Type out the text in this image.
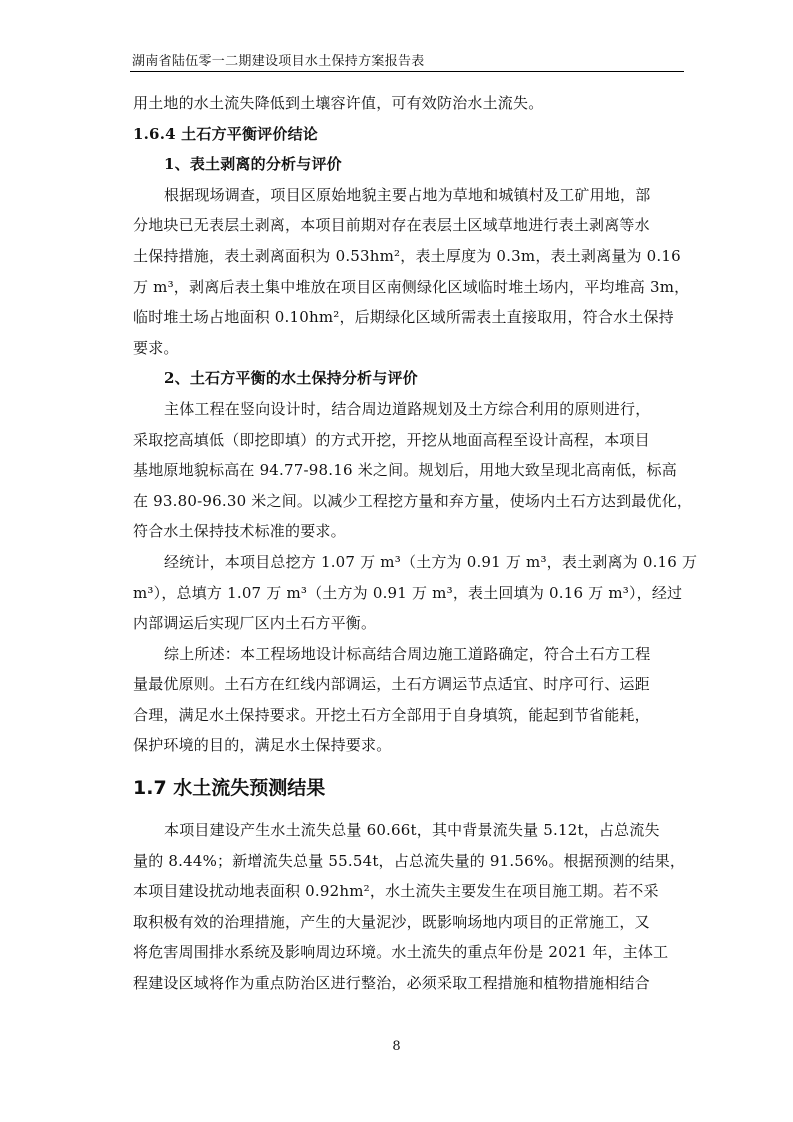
湖南省陆伍零一二期建设项目水土保持方案报告表
用土地的水土流失降低到土壤容许值，可有效防治水土流失。
1.6.4 土石方平衡评价结论
1、表土剥离的分析与评价
根据现场调查，项目区原始地貌主要占地为草地和城镇村及工矿用地，部
分地块已无表层土剥离，本项目前期对存在表层土区域草地进行表土剥离等水
土保持措施，表土剥离面积为 0.53hm²，表土厚度为 0.3m，表土剥离量为 0.16
万 m³，剥离后表土集中堆放在项目区南侧绿化区域临时堆土场内，平均堆高 3m，
临时堆土场占地面积 0.10hm²，后期绿化区域所需表土直接取用，符合水土保持
要求。
2、土石方平衡的水土保持分析与评价
主体工程在竖向设计时，结合周边道路规划及土方综合利用的原则进行，
采取挖高填低（即挖即填）的方式开挖，开挖从地面高程至设计高程，本项目
基地原地貌标高在 94.77-98.16 米之间。规划后，用地大致呈现北高南低，标高
在 93.80-96.30 米之间。以减少工程挖方量和弃方量，使场内土石方达到最优化，
符合水土保持技术标准的要求。
经统计，本项目总挖方 1.07 万 m³（土方为 0.91 万 m³，表土剥离为 0.16 万
m³），总填方 1.07 万 m³（土方为 0.91 万 m³，表土回填为 0.16 万 m³），经过
内部调运后实现厂区内土石方平衡。
综上所述：本工程场地设计标高结合周边施工道路确定，符合土石方工程
量最优原则。土石方在红线内部调运，土石方调运节点适宜、时序可行、运距
合理，满足水土保持要求。开挖土石方全部用于自身填筑，能起到节省能耗，
保护环境的目的，满足水土保持要求。
1.7 水土流失预测结果
本项目建设产生水土流失总量 60.66t，其中背景流失量 5.12t，占总流失
量的 8.44%；新增流失总量 55.54t，占总流失量的 91.56%。根据预测的结果，
本项目建设扰动地表面积 0.92hm²，水土流失主要发生在项目施工期。若不采
取积极有效的治理措施，产生的大量泥沙，既影响场地内项目的正常施工，又
将危害周围排水系统及影响周边环境。水土流失的重点年份是 2021 年，主体工
程建设区域将作为重点防治区进行整治，必须采取工程措施和植物措施相结合
8
